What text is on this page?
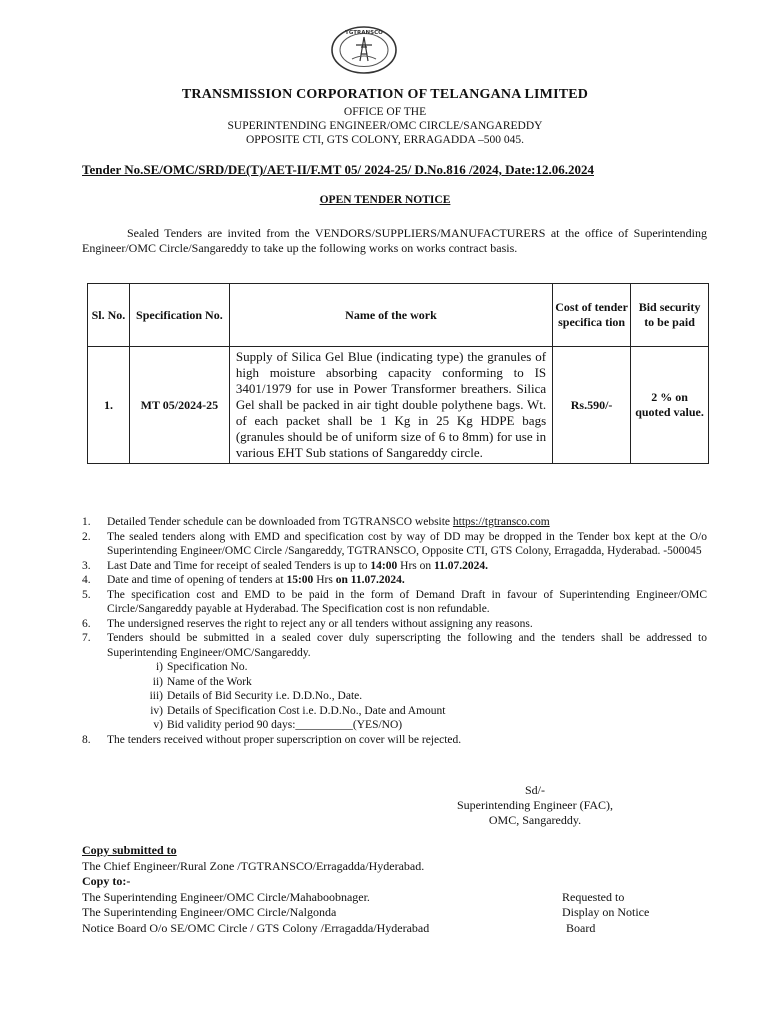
TGTRANSCO
TRANSMISSION CORPORATION OF TELANGANA LIMITED
OFFICE OF THE
SUPERINTENDING ENGINEER/OMC CIRCLE/SANGAREDDY
OPPOSITE CTI, GTS COLONY, ERRAGADDA –500 045.
Tender No.SE/OMC/SRD/DE(T)/AET-II/F.MT 05/ 2024-25/ D.No.816 /2024, Date:12.06.2024
OPEN TENDER NOTICE
Sealed Tenders are invited from the VENDORS/SUPPLIERS/MANUFACTURERS at the office of Superintending Engineer/OMC Circle/Sangareddy to take up the following works on works contract basis.
Sl. No.	Specification No.	Name of the work	Cost of tender specifica tion	Bid security to be paid
1.	MT 05/2024-25	Supply of Silica Gel Blue (indicating type) the granules of high moisture absorbing capacity conforming to IS 3401/1979 for use in Power Transformer breathers. Silica Gel shall be packed in air tight double polythene bags. Wt. of each packet shall be 1 Kg in 25 Kg HDPE bags (granules should be of uniform size of 6 to 8mm) for use in various EHT Sub stations of Sangareddy circle.	Rs.590/-	2 % on quoted value.
1. Detailed Tender schedule can be downloaded from TGTRANSCO website https://tgtransco.com
2. The sealed tenders along with EMD and specification cost by way of DD may be dropped in the Tender box kept at the O/o Superintending Engineer/OMC Circle /Sangareddy, TGTRANSCO, Opposite CTI, GTS Colony, Erragadda, Hyderabad. -500045
3. Last Date and Time for receipt of sealed Tenders is up to 14:00 Hrs on 11.07.2024.
4. Date and time of opening of tenders at 15:00 Hrs on 11.07.2024.
5. The specification cost and EMD to be paid in the form of Demand Draft in favour of Superintending Engineer/OMC Circle/Sangareddy payable at Hyderabad. The Specification cost is non refundable.
6. The undersigned reserves the right to reject any or all tenders without assigning any reasons.
7. Tenders should be submitted in a sealed cover duly superscripting the following and the tenders shall be addressed to Superintending Engineer/OMC/Sangareddy.
i) Specification No.
ii) Name of the Work
iii) Details of Bid Security i.e. D.D.No., Date.
iv) Details of Specification Cost i.e. D.D.No., Date and Amount
v) Bid validity period 90 days:__________(YES/NO)
8. The tenders received without proper superscription on cover will be rejected.
Sd/-
Superintending Engineer (FAC),
OMC, Sangareddy.
Copy submitted to
The Chief Engineer/Rural Zone /TGTRANSCO/Erragadda/Hyderabad.
Copy to:-
The Superintending Engineer/OMC Circle/Mahaboobnager.	Requested to
The Superintending Engineer/OMC Circle/Nalgonda	Display on Notice
Notice Board O/o SE/OMC Circle / GTS Colony /Erragadda/Hyderabad	Board
